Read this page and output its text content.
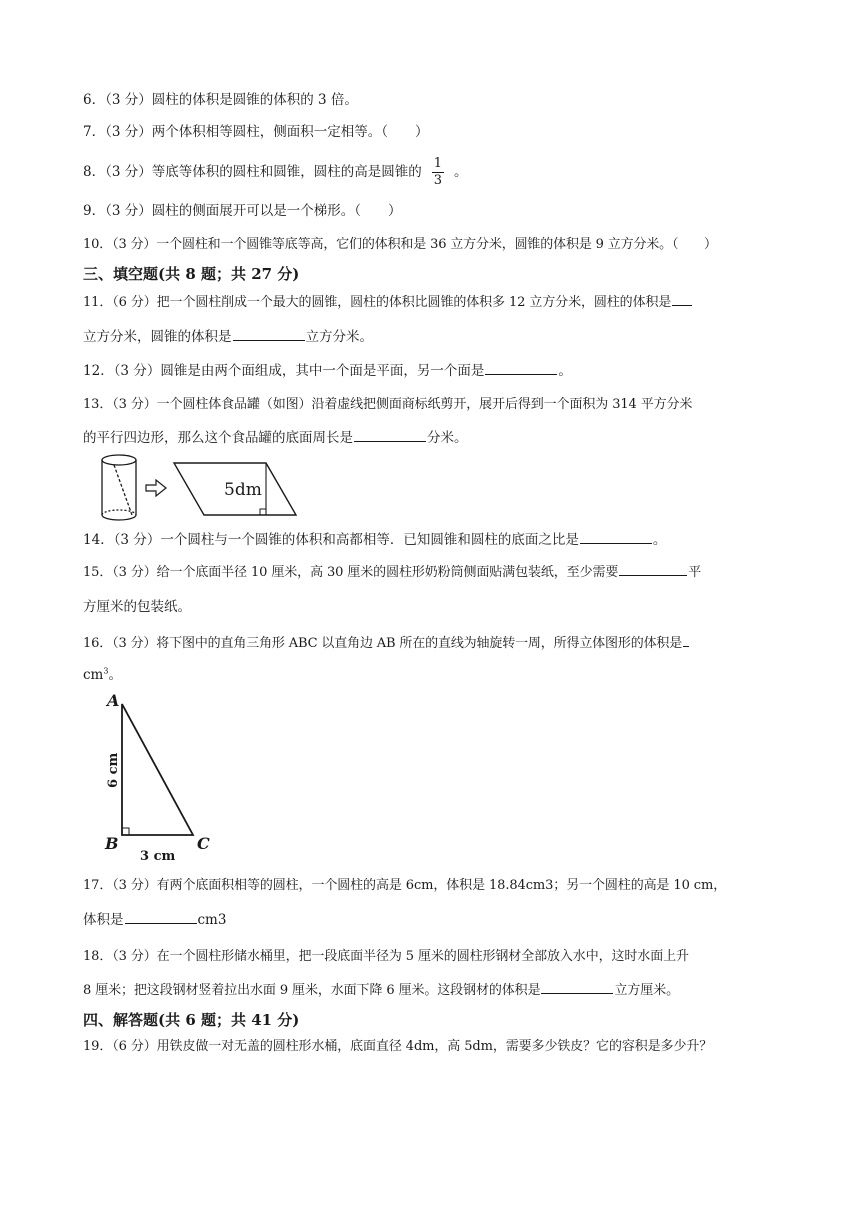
6．（3 分）圆柱的体积是圆锥的体积的 3 倍。
7．（3 分）两个体积相等圆柱，侧面积一定相等。（　　）
8．（3 分）等底等体积的圆柱和圆锥，圆柱的高是圆锥的 $\frac{1}{3}$ 。
9．（3 分）圆柱的侧面展开可以是一个梯形。（　　）
10．（3 分）一个圆柱和一个圆锥等底等高，它们的体积和是 36 立方分米，圆锥的体积是 9 立方分米。（　　）
三、填空题(共 8 题；共 27 分)
11．（6 分）把一个圆柱削成一个最大的圆锥，圆柱的体积比圆锥的体积多 12 立方分米，圆柱的体积是
立方分米，圆锥的体积是	立方分米。
12．（3 分）圆锥是由两个面组成，其中一个面是平面，另一个面是	。
13．（3 分）一个圆柱体食品罐（如图）沿着虚线把侧面商标纸剪开，展开后得到一个面积为 314 平方分米
的平行四边形，那么这个食品罐的底面周长是	分米。
5dm
14．（3 分）一个圆柱与一个圆锥的体积和高都相等．已知圆锥和圆柱的底面之比是	。
15．（3 分）给一个底面半径 10 厘米，高 30 厘米的圆柱形奶粉筒侧面贴满包装纸，至少需要	平
方厘米的包装纸。
16．（3 分）将下图中的直角三角形 ABC 以直角边 AB 所在的直线为轴旋转一周，所得立体图形的体积是
$cm^3$。
A
B	C
6 cm
3 cm
17．（3 分）有两个底面积相等的圆柱，一个圆柱的高是 6cm，体积是 18.84cm3；另一个圆柱的高是 10 cm，
体积是	cm3
18．（3 分）在一个圆柱形储水桶里，把一段底面半径为 5 厘米的圆柱形钢材全部放入水中，这时水面上升
8 厘米；把这段钢材竖着拉出水面 9 厘米，水面下降 6 厘米。这段钢材的体积是	立方厘米。
四、解答题(共 6 题；共 41 分)
19．（6 分）用铁皮做一对无盖的圆柱形水桶，底面直径 4dm，高 5dm，需要多少铁皮？它的容积是多少升？
